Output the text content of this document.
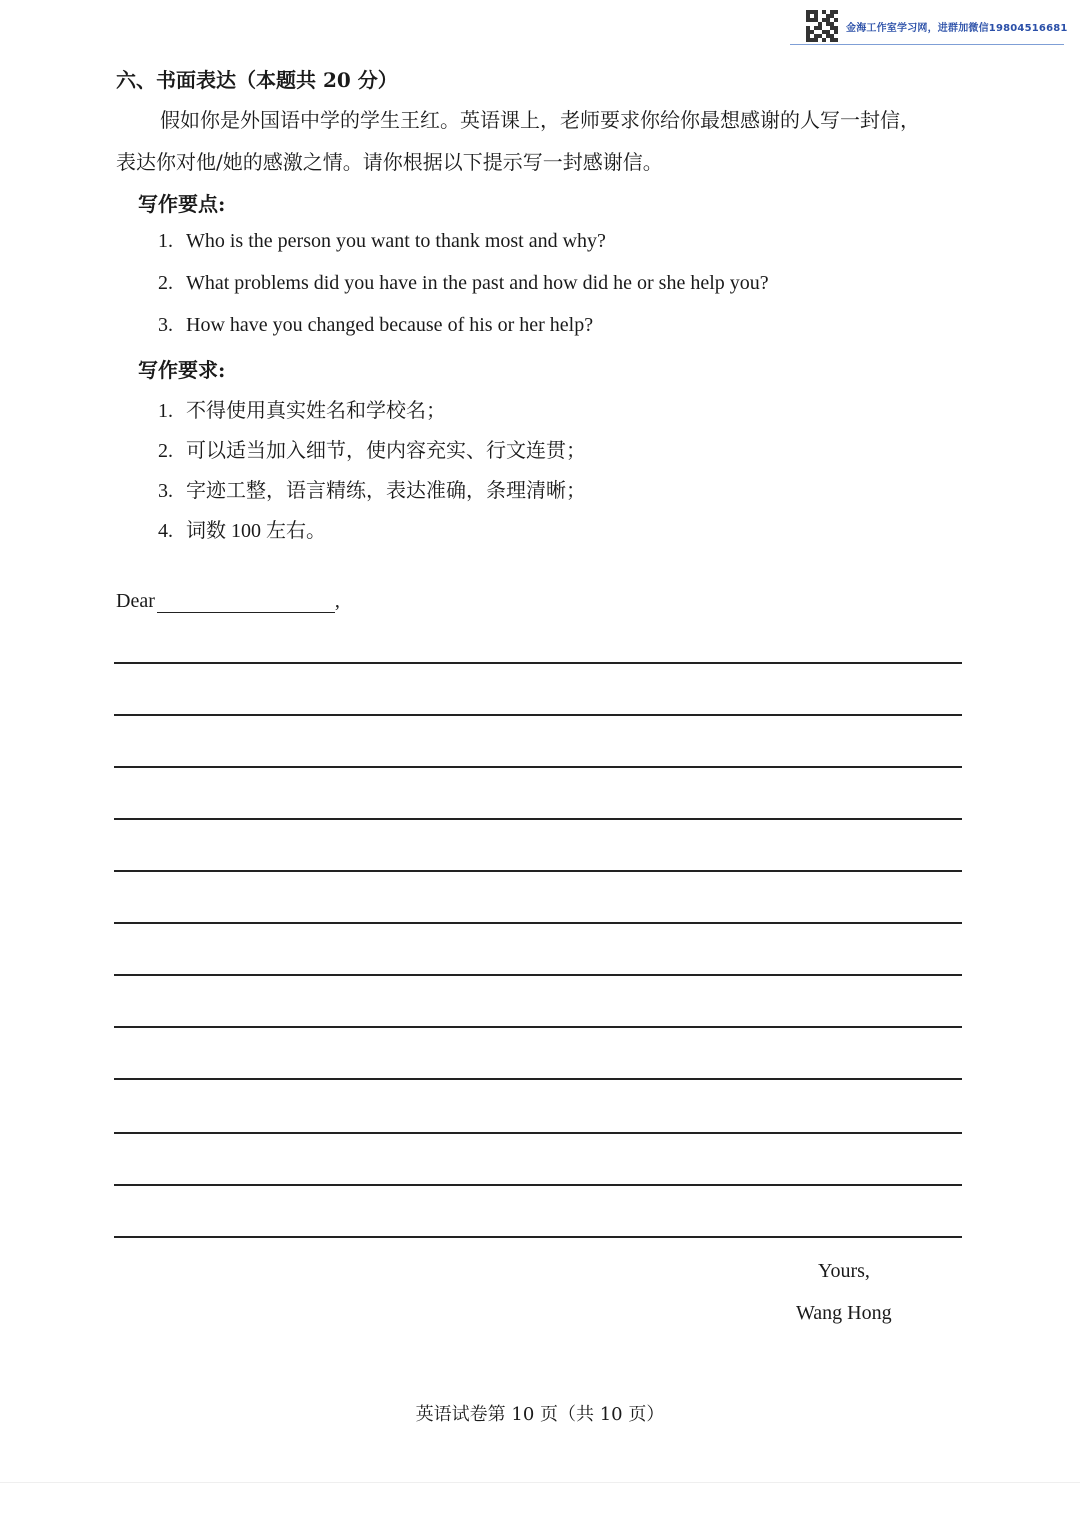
金海工作室学习网，进群加微信19804516681
六、书面表达（本题共 20 分）
假如你是外国语中学的学生王红。英语课上，老师要求你给你最想感谢的人写一封信，
表达你对他/她的感激之情。请你根据以下提示写一封感谢信。
写作要点:
1. Who is the person you want to thank most and why?
2. What problems did you have in the past and how did he or she help you?
3. How have you changed because of his or her help?
写作要求:
1. 不得使用真实姓名和学校名；
2. 可以适当加入细节，使内容充实、行文连贯；
3. 字迹工整，语言精练，表达准确，条理清晰；
4. 词数 100 左右。
Dear	,
Yours,
Wang Hong
英语试卷第 10 页（共 10 页）
